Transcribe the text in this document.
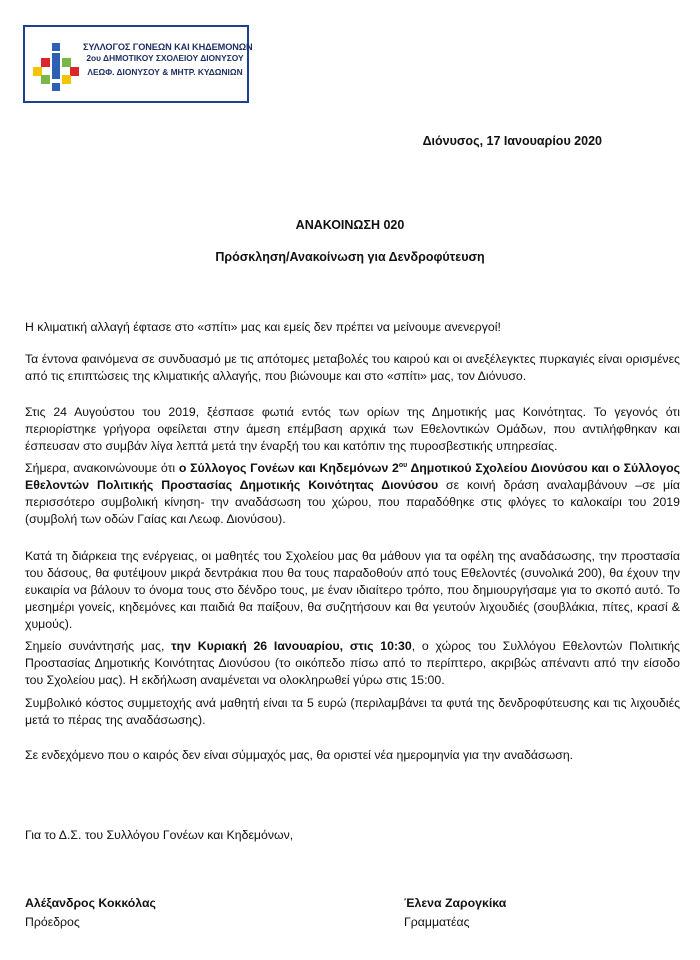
ΣΥΛΛΟΓΟΣ ΓΟΝΕΩΝ ΚΑΙ ΚΗΔΕΜΟΝΩΝ
2ου ΔΗΜΟΤΙΚΟΥ ΣΧΟΛΕΙΟΥ ΔΙΟΝΥΣΟΥ
ΛΕΩΦ. ΔΙΟΝΥΣΟΥ & ΜΗΤΡ. ΚΥΔΩΝΙΩΝ
Διόνυσος, 17 Ιανουαρίου 2020
ΑΝΑΚΟΙΝΩΣΗ 020
Πρόσκληση/Ανακοίνωση για Δενδροφύτευση

Η κλιματική αλλαγή έφτασε στο «σπίτι» μας και εμείς δεν πρέπει να μείνουμε ανενεργοί!

Τα έντονα φαινόμενα σε συνδυασμό με τις απότομες μεταβολές του καιρού και οι ανεξέλεγκτες πυρκαγιές είναι ορισμένες από τις επιπτώσεις της κλιματικής αλλαγής, που βιώνουμε και στο «σπίτι» μας, τον Διόνυσο.

Στις 24 Αυγούστου του 2019, ξέσπασε φωτιά εντός των ορίων της Δημοτικής μας Κοινότητας. Το γεγονός ότι περιορίστηκε γρήγορα οφείλεται στην άμεση επέμβαση αρχικά των Εθελοντικών Ομάδων, που αντιλήφθηκαν και έσπευσαν στο συμβάν λίγα λεπτά μετά την έναρξή του και κατόπιν της πυροσβεστικής υπηρεσίας.

Σήμερα, ανακοινώνουμε ότι ο Σύλλογος Γονέων και Κηδεμόνων $2^{o\upsilon}$ Δημοτικού Σχολείου Διονύσου και ο Σύλλογος Εθελοντών Πολιτικής Προστασίας Δημοτικής Κοινότητας Διονύσου σε κοινή δράση αναλαμβάνουν –σε μία περισσότερο συμβολική κίνηση- την αναδάσωση του χώρου, που παραδόθηκε στις φλόγες το καλοκαίρι του 2019 (συμβολή των οδών Γαίας και Λεωφ. Διονύσου).

Κατά τη διάρκεια της ενέργειας, οι μαθητές του Σχολείου μας θα μάθουν για τα οφέλη της αναδάσωσης, την προστασία του δάσους, θα φυτέψουν μικρά δεντράκια που θα τους παραδοθούν από τους Εθελοντές (συνολικά 200), θα έχουν την ευκαιρία να βάλουν το όνομα τους στο δένδρο τους, με έναν ιδιαίτερο τρόπο, που δημιουργήσαμε για το σκοπό αυτό. Το μεσημέρι γονείς, κηδεμόνες και παιδιά θα παίξουν, θα συζητήσουν και θα γευτούν λιχουδιές (σουβλάκια, πίτες, κρασί & χυμούς).

Σημείο συνάντησής μας, την Κυριακή 26 Ιανουαρίου, στις 10:30, ο χώρος του Συλλόγου Εθελοντών Πολιτικής Προστασίας Δημοτικής Κοινότητας Διονύσου (το οικόπεδο πίσω από το περίπτερο, ακριβώς απέναντι από την είσοδο του Σχολείου μας). Η εκδήλωση αναμένεται να ολοκληρωθεί γύρω στις 15:00.

Συμβολικό κόστος συμμετοχής ανά μαθητή είναι τα 5 ευρώ (περιλαμβάνει τα φυτά της δενδροφύτευσης και τις λιχουδιές μετά το πέρας της αναδάσωσης).

Σε ενδεχόμενο που ο καιρός δεν είναι σύμμαχός μας, θα οριστεί νέα ημερομηνία για την αναδάσωση.

Για το Δ.Σ. του Συλλόγου Γονέων και Κηδεμόνων,
Αλέξανδρος Κοκκόλας
Πρόεδρος
Έλενα Ζαρογκίκα
Γραμματέας
